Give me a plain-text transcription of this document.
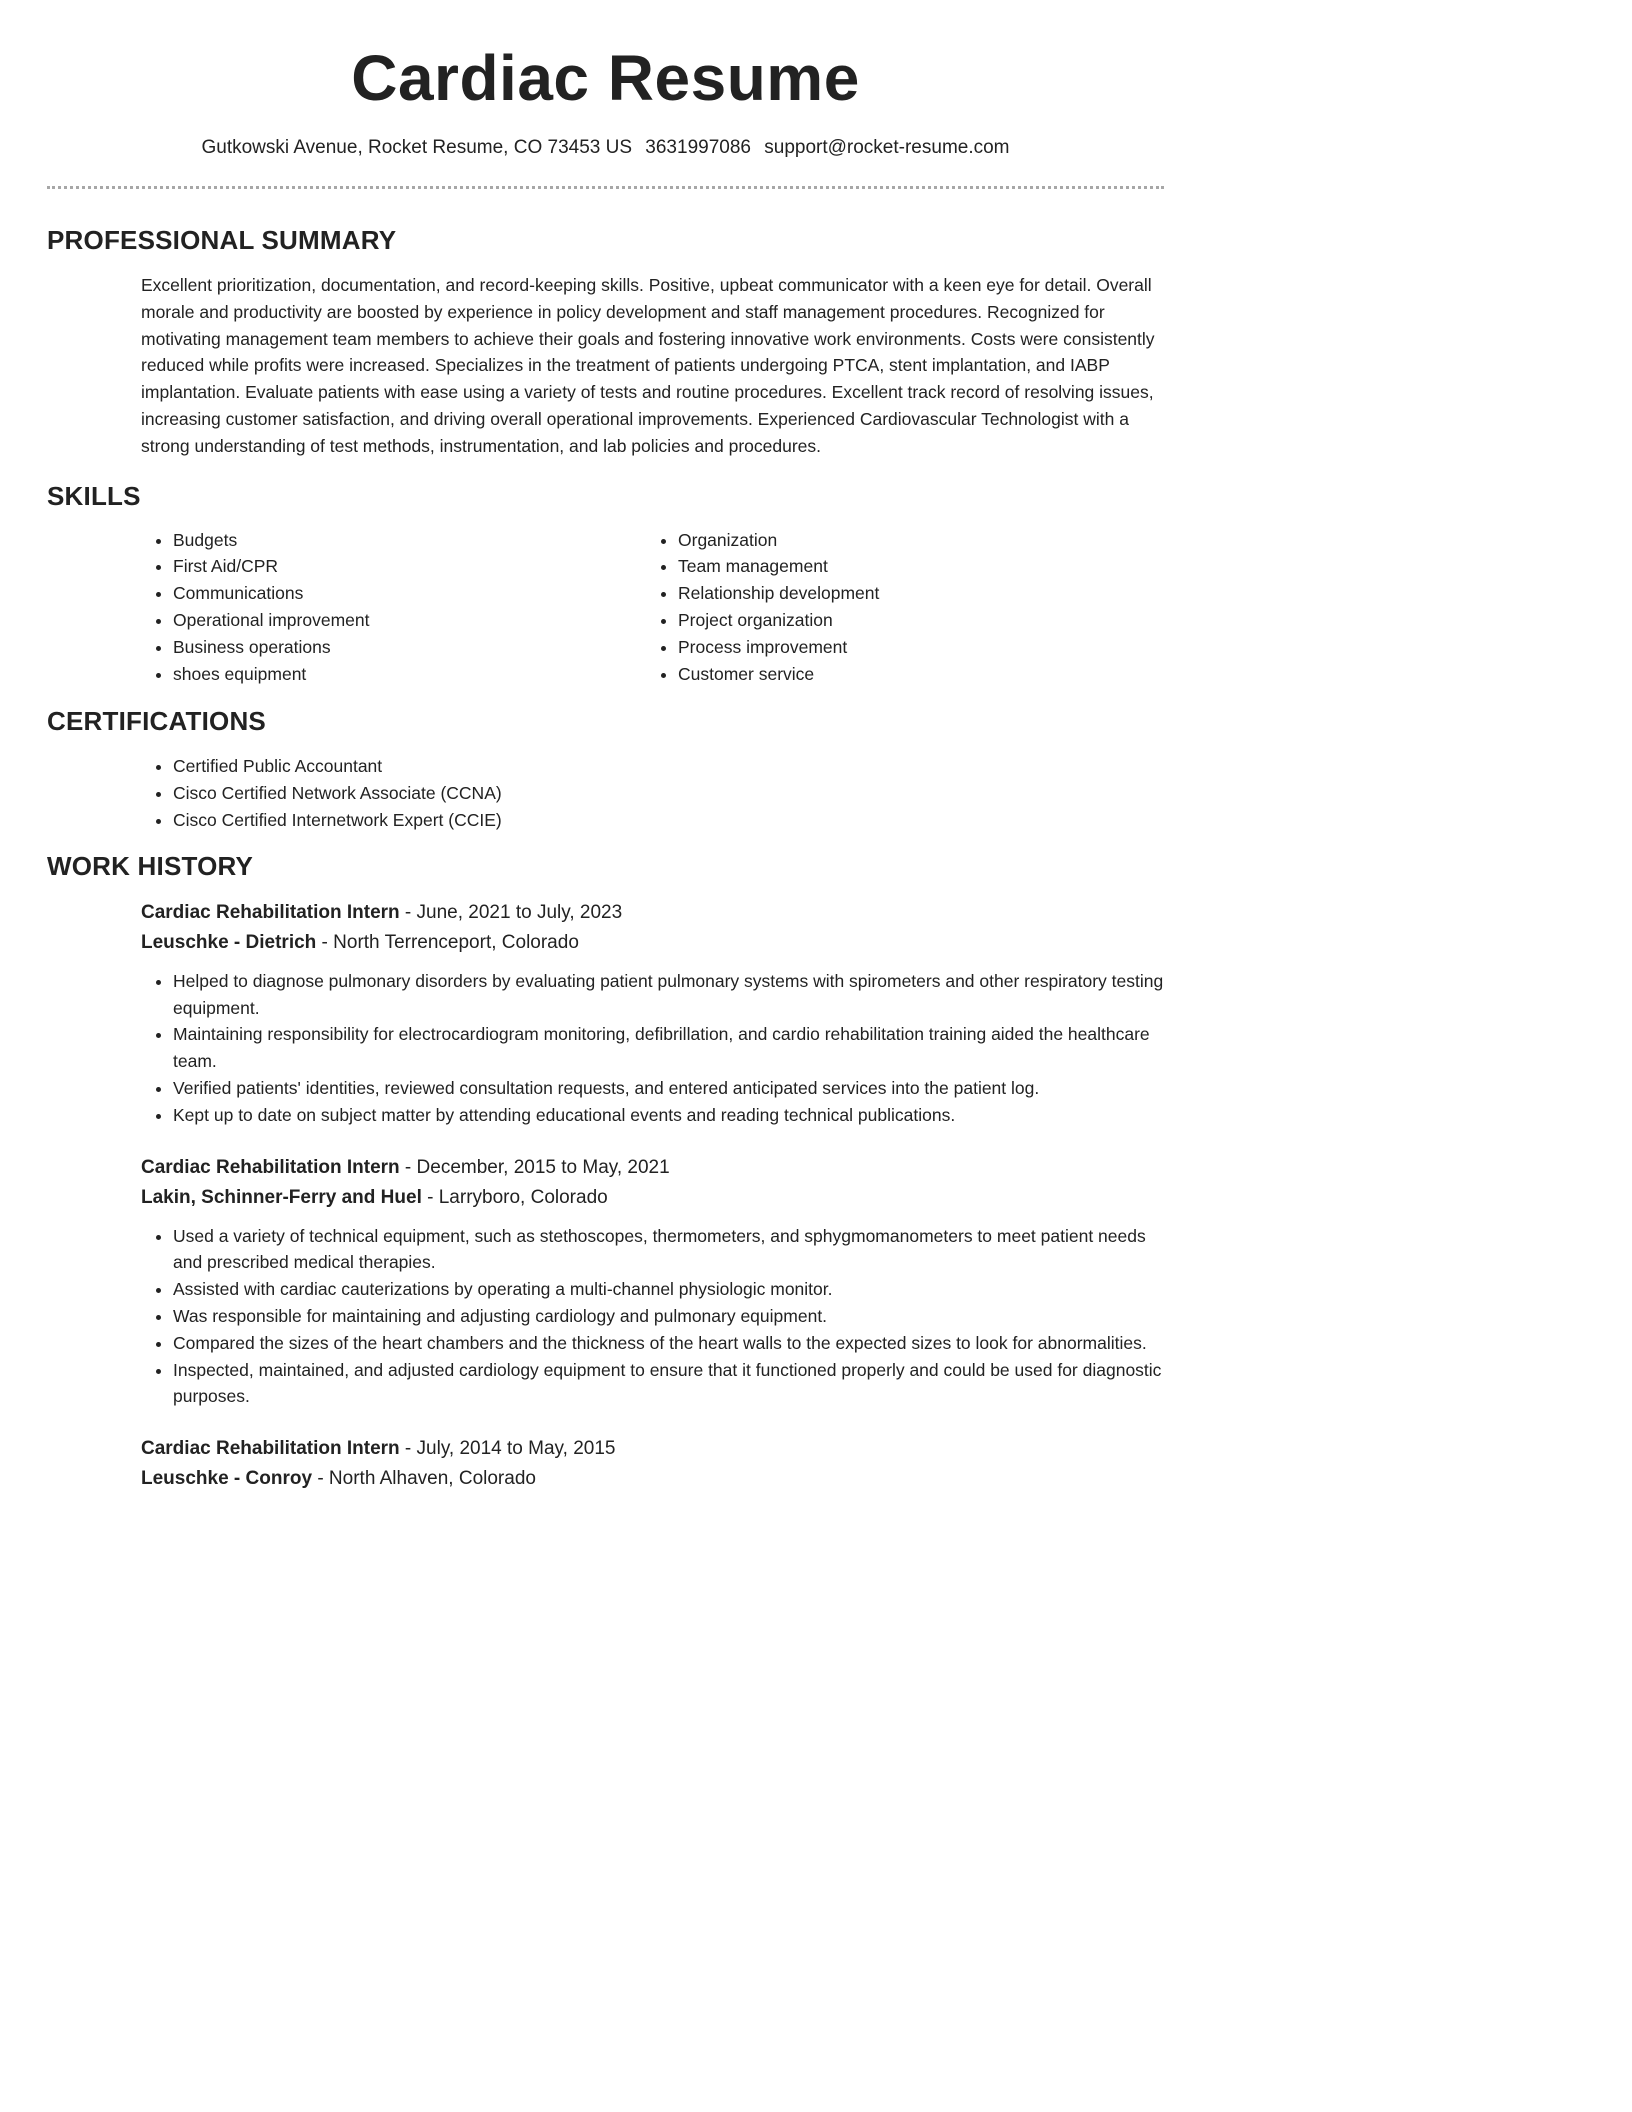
Cardiac Resume
Gutkowski Avenue, Rocket Resume, CO 73453 US 3631997086 support@rocket-resume.com
PROFESSIONAL SUMMARY

Excellent prioritization, documentation, and record-keeping skills. Positive, upbeat communicator with a keen eye for detail. Overall morale and productivity are boosted by experience in policy development and staff management procedures. Recognized for motivating management team members to achieve their goals and fostering innovative work environments. Costs were consistently reduced while profits were increased. Specializes in the treatment of patients undergoing PTCA, stent implantation, and IABP implantation. Evaluate patients with ease using a variety of tests and routine procedures. Excellent track record of resolving issues, increasing customer satisfaction, and driving overall operational improvements. Experienced Cardiovascular Technologist with a strong understanding of test methods, instrumentation, and lab policies and procedures.

SKILLS
• Budgets
• First Aid/CPR
• Communications
• Operational improvement
• Business operations
• shoes equipment
• Organization
• Team management
• Relationship development
• Project organization
• Process improvement
• Customer service
CERTIFICATIONS
• Certified Public Accountant
• Cisco Certified Network Associate (CCNA)
• Cisco Certified Internetwork Expert (CCIE)
WORK HISTORY
Cardiac Rehabilitation Intern - June, 2021 to July, 2023
Leuschke - Dietrich - North Terrenceport, Colorado
• Helped to diagnose pulmonary disorders by evaluating patient pulmonary systems with spirometers and other respiratory testing equipment.
• Maintaining responsibility for electrocardiogram monitoring, defibrillation, and cardio rehabilitation training aided the healthcare team.
• Verified patients' identities, reviewed consultation requests, and entered anticipated services into the patient log.
• Kept up to date on subject matter by attending educational events and reading technical publications.
Cardiac Rehabilitation Intern - December, 2015 to May, 2021
Lakin, Schinner-Ferry and Huel - Larryboro, Colorado
• Used a variety of technical equipment, such as stethoscopes, thermometers, and sphygmomanometers to meet patient needs and prescribed medical therapies.
• Assisted with cardiac cauterizations by operating a multi-channel physiologic monitor.
• Was responsible for maintaining and adjusting cardiology and pulmonary equipment.
• Compared the sizes of the heart chambers and the thickness of the heart walls to the expected sizes to look for abnormalities.
• Inspected, maintained, and adjusted cardiology equipment to ensure that it functioned properly and could be used for diagnostic purposes.
Cardiac Rehabilitation Intern - July, 2014 to May, 2015
Leuschke - Conroy - North Alhaven, Colorado
